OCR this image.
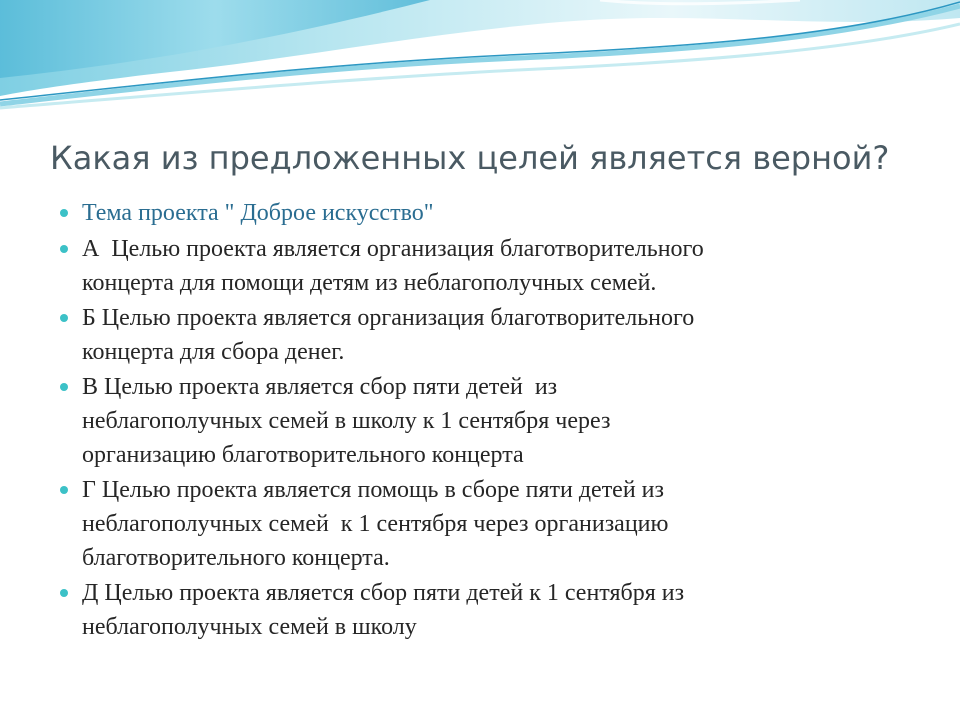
Какая из предложенных целей является верной?
Тема проекта " Доброе искусство"
А  Целью проекта является организация благотворительного
концерта для помощи детям из неблагополучных семей.
Б Целью проекта является организация благотворительного
концерта для сбора денег.
В Целью проекта является сбор пяти детей  из
неблагополучных семей в школу к 1 сентября через
организацию благотворительного концерта
Г Целью проекта является помощь в сборе пяти детей из
неблагополучных семей  к 1 сентября через организацию
благотворительного концерта.
Д Целью проекта является сбор пяти детей к 1 сентября из
неблагополучных семей в школу
